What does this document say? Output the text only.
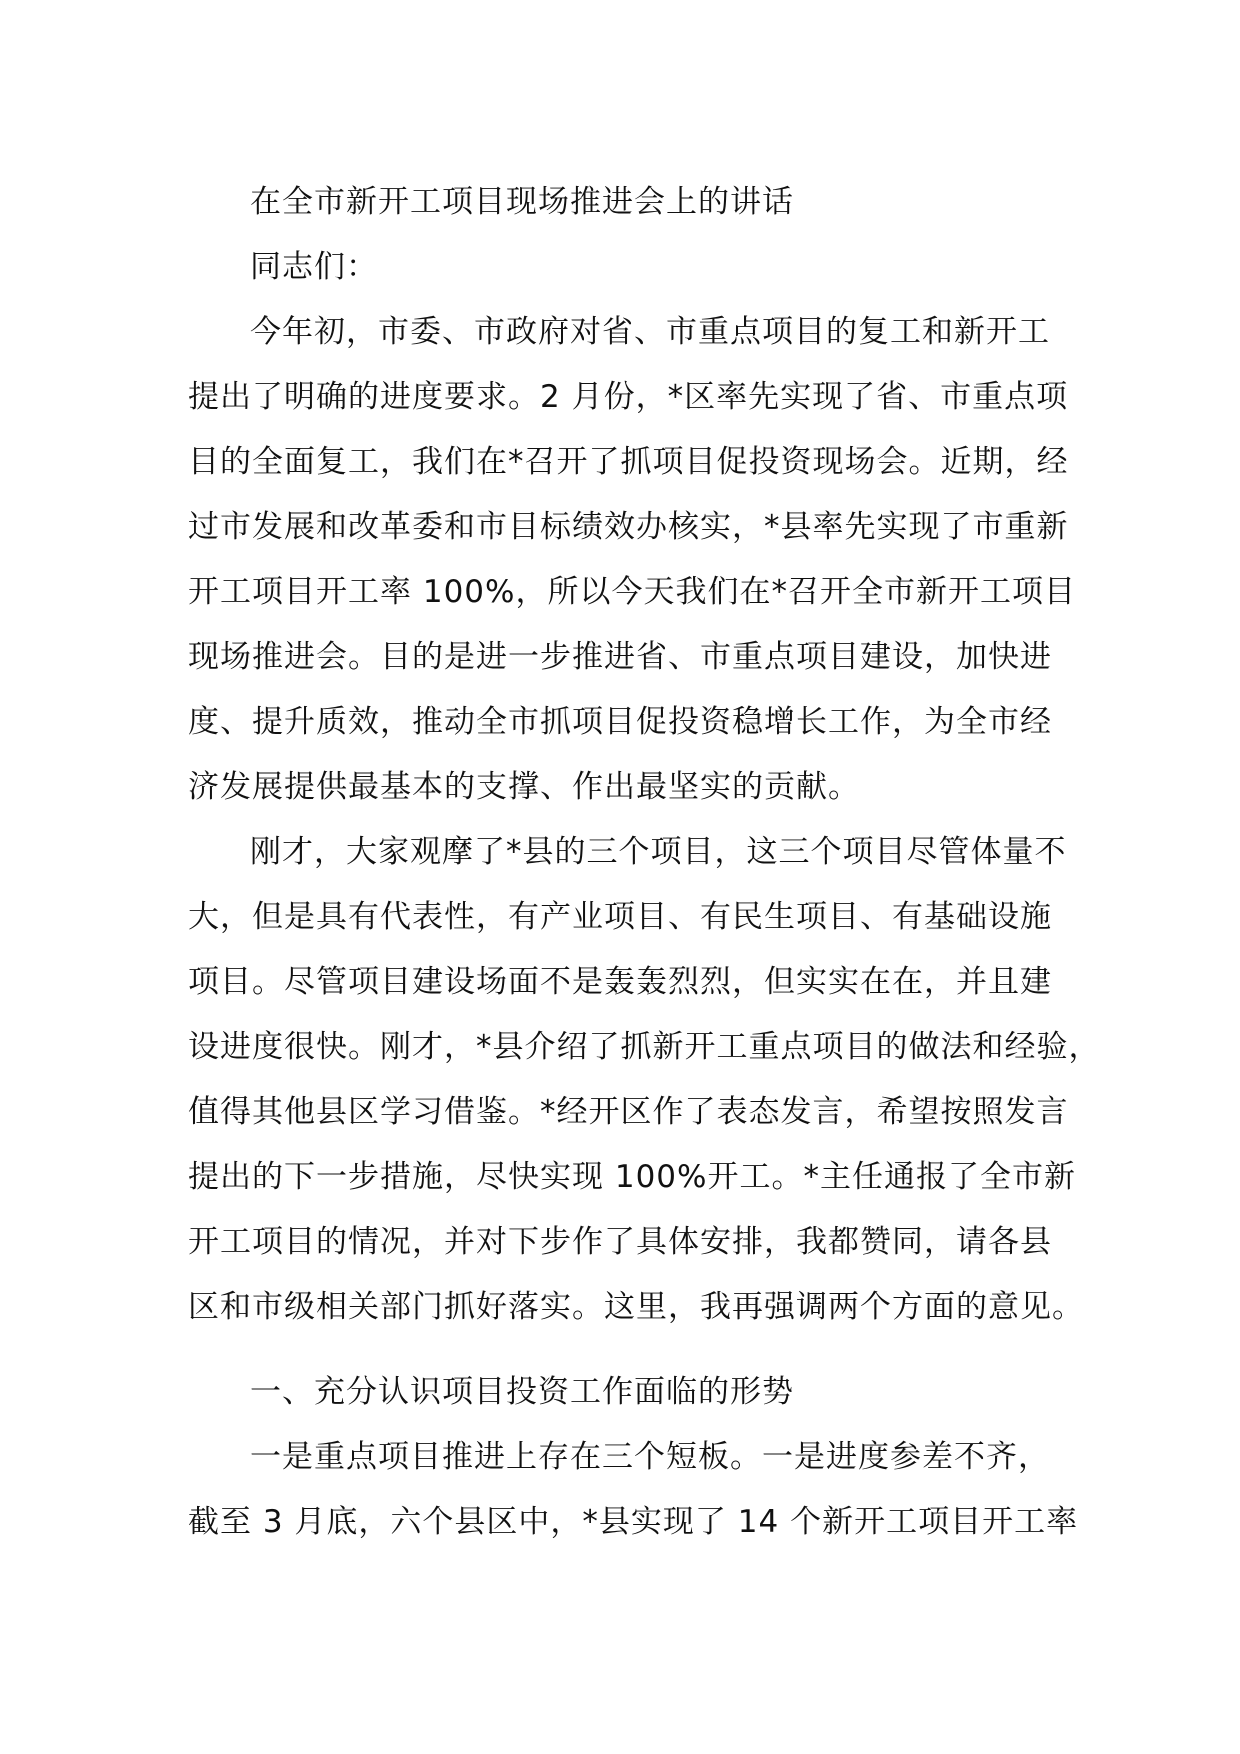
在全市新开工项目现场推进会上的讲话
同志们：
今年初，市委、市政府对省、市重点项目的复工和新开工
提出了明确的进度要求。2 月份，*区率先实现了省、市重点项
目的全面复工，我们在*召开了抓项目促投资现场会。近期，经
过市发展和改革委和市目标绩效办核实，*县率先实现了市重新
开工项目开工率 100%，所以今天我们在*召开全市新开工项目
现场推进会。目的是进一步推进省、市重点项目建设，加快进
度、提升质效，推动全市抓项目促投资稳增长工作，为全市经
济发展提供最基本的支撑、作出最坚实的贡献。
刚才，大家观摩了*县的三个项目，这三个项目尽管体量不
大，但是具有代表性，有产业项目、有民生项目、有基础设施
项目。尽管项目建设场面不是轰轰烈烈，但实实在在，并且建
设进度很快。刚才，*县介绍了抓新开工重点项目的做法和经验，
值得其他县区学习借鉴。*经开区作了表态发言，希望按照发言
提出的下一步措施，尽快实现 100%开工。*主任通报了全市新
开工项目的情况，并对下步作了具体安排，我都赞同，请各县
区和市级相关部门抓好落实。这里，我再强调两个方面的意见。
一、充分认识项目投资工作面临的形势
一是重点项目推进上存在三个短板。一是进度参差不齐，
截至 3 月底，六个县区中，*县实现了 14 个新开工项目开工率
